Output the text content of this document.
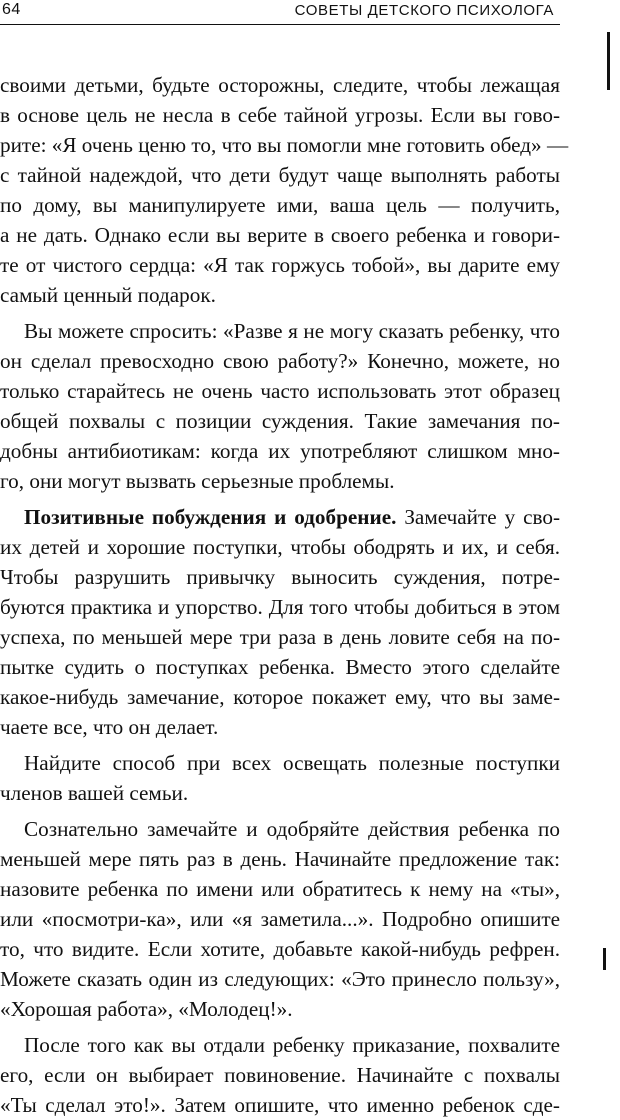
64	СОВЕТЫ ДЕТСКОГО ПСИХОЛОГА
своими детьми, будьте осторожны, следите, чтобы лежащая
в основе цель не несла в себе тайной угрозы. Если вы гово-
рите: «Я очень ценю то, что вы помогли мне готовить обед» —
с тайной надеждой, что дети будут чаще выполнять работы
по дому, вы манипулируете ими, ваша цель — получить,
а не дать. Однако если вы верите в своего ребенка и говори-
те от чистого сердца: «Я так горжусь тобой», вы дарите ему
самый ценный подарок.
Вы можете спросить: «Разве я не могу сказать ребенку, что
он сделал превосходно свою работу?» Конечно, можете, но
только старайтесь не очень часто использовать этот образец
общей похвалы с позиции суждения. Такие замечания по-
добны антибиотикам: когда их употребляют слишком мно-
го, они могут вызвать серьезные проблемы.
Позитивные побуждения и одобрение. Замечайте у сво-
их детей и хорошие поступки, чтобы ободрять и их, и себя.
Чтобы разрушить привычку выносить суждения, потре-
буются практика и упорство. Для того чтобы добиться в этом
успеха, по меньшей мере три раза в день ловите себя на по-
пытке судить о поступках ребенка. Вместо этого сделайте
какое-нибудь замечание, которое покажет ему, что вы заме-
чаете все, что он делает.
Найдите способ при всех освещать полезные поступки
членов вашей семьи.
Сознательно замечайте и одобряйте действия ребенка по
меньшей мере пять раз в день. Начинайте предложение так:
назовите ребенка по имени или обратитесь к нему на «ты»,
или «посмотри-ка», или «я заметила...». Подробно опишите
то, что видите. Если хотите, добавьте какой-нибудь рефрен.
Можете сказать один из следующих: «Это принесло пользу»,
«Хорошая работа», «Молодец!».
После того как вы отдали ребенку приказание, похвалите
его, если он выбирает повиновение. Начинайте с похвалы
«Ты сделал это!». Затем опишите, что именно ребенок сде-
